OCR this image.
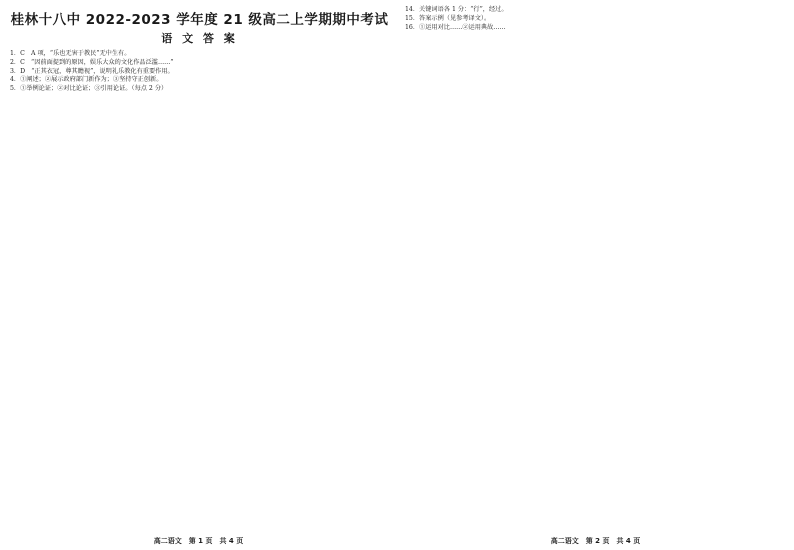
桂林十八中 2022-2023 学年度 21 级高二上学期期中考试
语 文 答 案

1．C　A 项，“乐也无害于教民”无中生有。

2．C　“因前面提到的原因，娱乐大众的文化作品泛滥……”

3．D　“正其衣冠，尊其瞻视”，说明礼乐教化有重要作用。

4．①阐述；②展示政府部门新作为；③坚持守正创新。

5．①举例论证；②对比论证；③引用论证。（每点 2 分）

高二语文　第 1 页　共 4 页

14．关键词语各 1 分：“行”，经过。

15．答案示例（见参考译文）。

16．①运用对比……②运用典故……

高二语文　第 2 页　共 4 页
